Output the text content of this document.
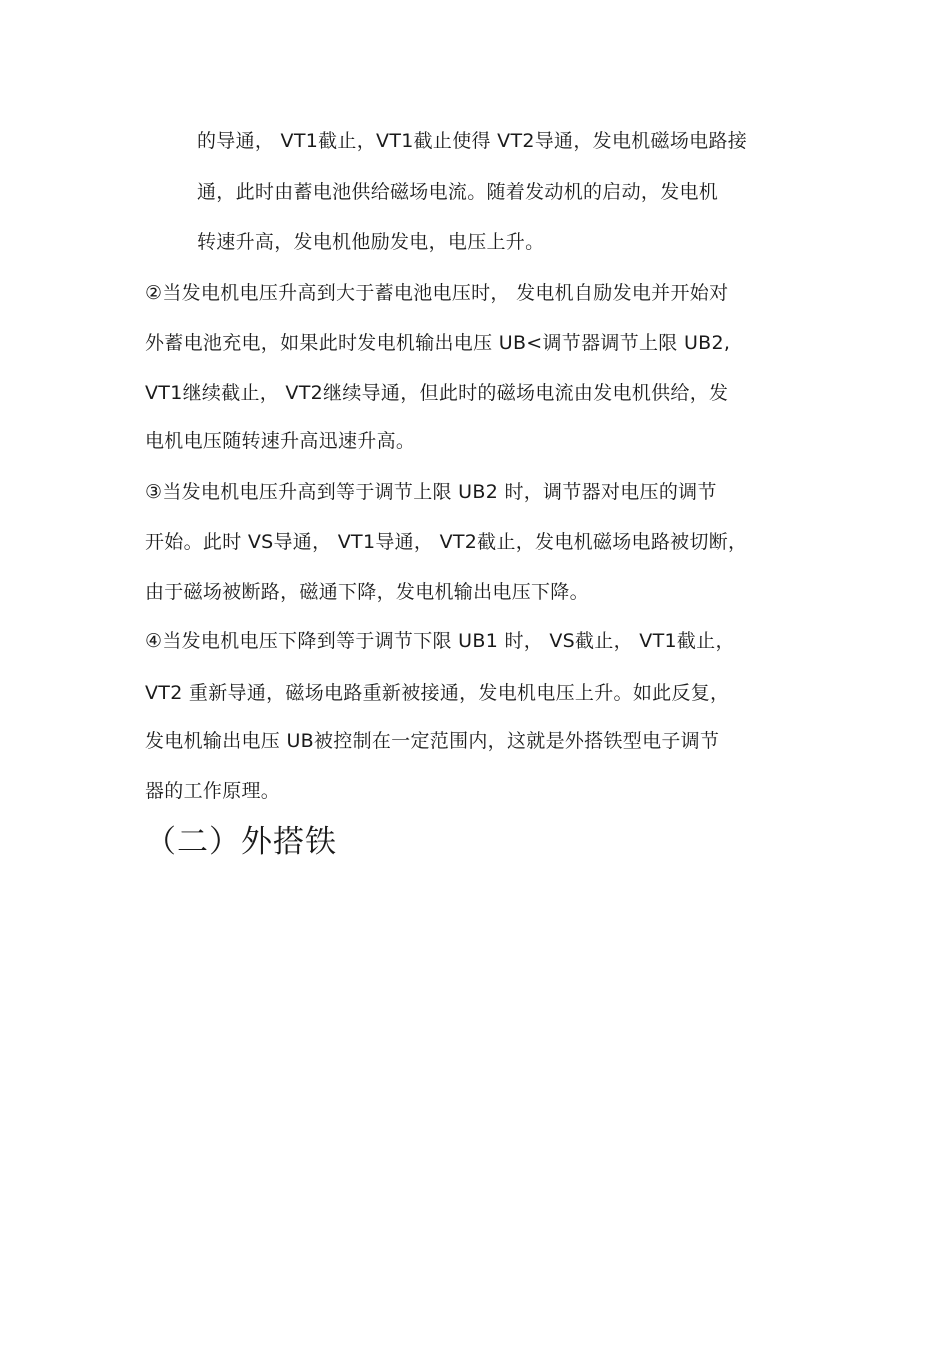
的导通， VT1截止，VT1截止使得 VT2导通，发电机磁场电路接
通，此时由蓄电池供给磁场电流。随着发动机的启动，发电机
转速升高，发电机他励发电，电压上升。
②当发电机电压升高到大于蓄电池电压时， 发电机自励发电并开始对
外蓄电池充电，如果此时发电机输出电压 UB<调节器调节上限 UB2,
VT1继续截止， VT2继续导通，但此时的磁场电流由发电机供给，发
电机电压随转速升高迅速升高。
③当发电机电压升高到等于调节上限 UB2 时，调节器对电压的调节
开始。此时 VS导通， VT1导通， VT2截止，发电机磁场电路被切断，
由于磁场被断路，磁通下降，发电机输出电压下降。
④当发电机电压下降到等于调节下限 UB1 时， VS截止， VT1截止，
VT2 重新导通，磁场电路重新被接通，发电机电压上升。如此反复，
发电机输出电压 UB被控制在一定范围内，这就是外搭铁型电子调节
器的工作原理。
（二）外搭铁
